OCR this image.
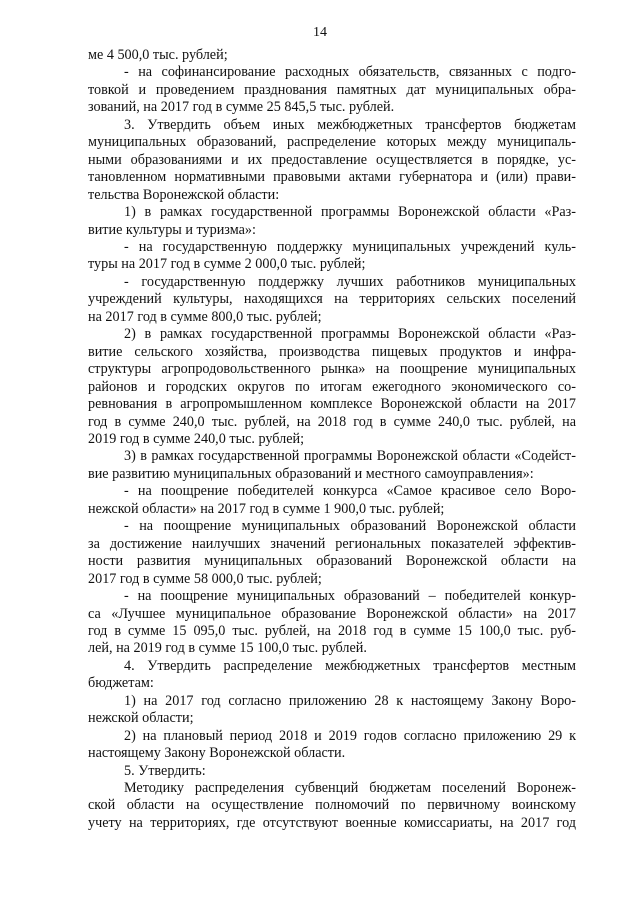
14
ме 4 500,0 тыс. рублей;
- на софинансирование расходных обязательств, связанных с подго-
товкой и проведением празднования памятных дат муниципальных обра-
зований, на 2017 год в сумме 25 845,5 тыс. рублей.
3. Утвердить объем иных межбюджетных трансфертов бюджетам
муниципальных образований, распределение которых между муниципаль-
ными образованиями и их предоставление осуществляется в порядке, ус-
тановленном нормативными правовыми актами губернатора и (или) прави-
тельства Воронежской области:
1) в рамках государственной программы Воронежской области «Раз-
витие культуры и туризма»:
- на государственную поддержку муниципальных учреждений куль-
туры на 2017 год в сумме 2 000,0 тыс. рублей;
- государственную поддержку лучших работников муниципальных
учреждений культуры, находящихся на территориях сельских поселений
на 2017 год в сумме 800,0 тыс. рублей;
2) в рамках государственной программы Воронежской области «Раз-
витие сельского хозяйства, производства пищевых продуктов и инфра-
структуры агропродовольственного рынка» на поощрение муниципальных
районов и городских округов по итогам ежегодного экономического со-
ревнования в агропромышленном комплексе Воронежской области на 2017
год в сумме 240,0 тыс. рублей, на 2018 год в сумме 240,0 тыс. рублей, на
2019 год в сумме 240,0 тыс. рублей;
3) в рамках государственной программы Воронежской области «Содейст-
вие развитию муниципальных образований и местного самоуправления»:
- на поощрение победителей конкурса «Самое красивое село Воро-
нежской области» на 2017 год в сумме 1 900,0 тыс. рублей;
- на поощрение муниципальных образований Воронежской области
за достижение наилучших значений региональных показателей эффектив-
ности развития муниципальных образований Воронежской области на
2017 год в сумме 58 000,0 тыс. рублей;
- на поощрение муниципальных образований – победителей конкур-
са «Лучшее муниципальное образование Воронежской области» на 2017
год в сумме 15 095,0 тыс. рублей, на 2018 год в сумме 15 100,0 тыс. руб-
лей, на 2019 год в сумме 15 100,0 тыс. рублей.
4. Утвердить распределение межбюджетных трансфертов местным
бюджетам:
1) на 2017 год согласно приложению 28 к настоящему Закону Воро-
нежской области;
2) на плановый период 2018 и 2019 годов согласно приложению 29 к
настоящему Закону Воронежской области.
5. Утвердить:
Методику распределения субвенций бюджетам поселений Воронеж-
ской области на осуществление полномочий по первичному воинскому
учету на территориях, где отсутствуют военные комиссариаты, на 2017 год
